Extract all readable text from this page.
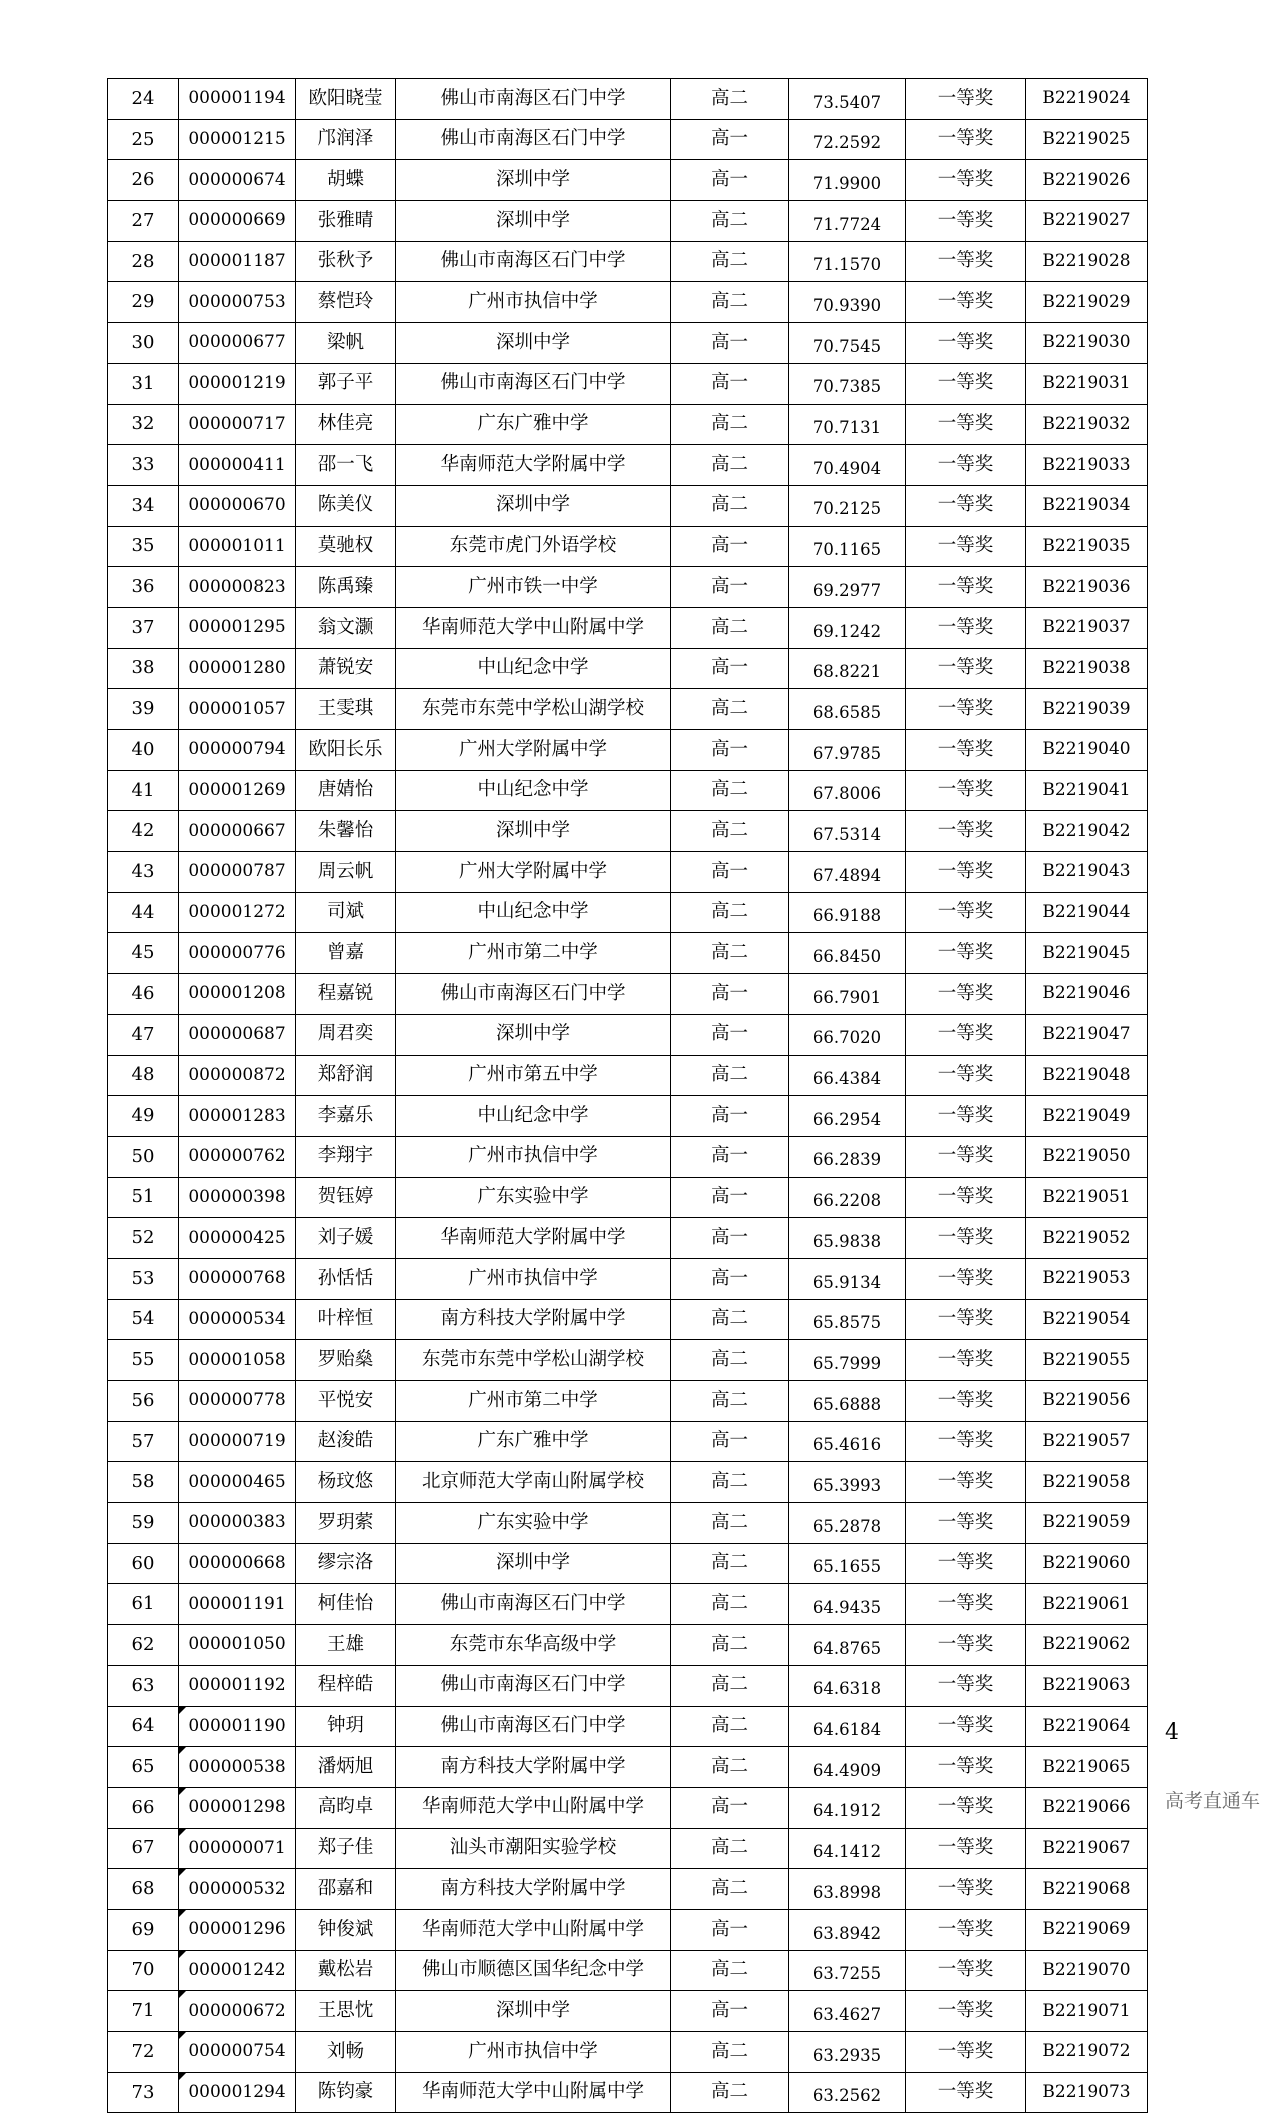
24	000001194	欧阳晓莹	佛山市南海区石门中学	高二	73.5407	一等奖	B2219024
25	000001215	邝润泽	佛山市南海区石门中学	高一	72.2592	一等奖	B2219025
26	000000674	胡蝶	深圳中学	高一	71.9900	一等奖	B2219026
27	000000669	张雅晴	深圳中学	高二	71.7724	一等奖	B2219027
28	000001187	张秋予	佛山市南海区石门中学	高二	71.1570	一等奖	B2219028
29	000000753	蔡恺玲	广州市执信中学	高二	70.9390	一等奖	B2219029
30	000000677	梁帆	深圳中学	高一	70.7545	一等奖	B2219030
31	000001219	郭子平	佛山市南海区石门中学	高一	70.7385	一等奖	B2219031
32	000000717	林佳亮	广东广雅中学	高二	70.7131	一等奖	B2219032
33	000000411	邵一飞	华南师范大学附属中学	高二	70.4904	一等奖	B2219033
34	000000670	陈美仪	深圳中学	高二	70.2125	一等奖	B2219034
35	000001011	莫驰权	东莞市虎门外语学校	高一	70.1165	一等奖	B2219035
36	000000823	陈禹臻	广州市铁一中学	高一	69.2977	一等奖	B2219036
37	000001295	翁文灏	华南师范大学中山附属中学	高二	69.1242	一等奖	B2219037
38	000001280	萧锐安	中山纪念中学	高一	68.8221	一等奖	B2219038
39	000001057	王雯琪	东莞市东莞中学松山湖学校	高二	68.6585	一等奖	B2219039
40	000000794	欧阳长乐	广州大学附属中学	高一	67.9785	一等奖	B2219040
41	000001269	唐婧怡	中山纪念中学	高二	67.8006	一等奖	B2219041
42	000000667	朱馨怡	深圳中学	高二	67.5314	一等奖	B2219042
43	000000787	周云帆	广州大学附属中学	高一	67.4894	一等奖	B2219043
44	000001272	司斌	中山纪念中学	高二	66.9188	一等奖	B2219044
45	000000776	曾嘉	广州市第二中学	高二	66.8450	一等奖	B2219045
46	000001208	程嘉锐	佛山市南海区石门中学	高一	66.7901	一等奖	B2219046
47	000000687	周君奕	深圳中学	高一	66.7020	一等奖	B2219047
48	000000872	郑舒润	广州市第五中学	高二	66.4384	一等奖	B2219048
49	000001283	李嘉乐	中山纪念中学	高一	66.2954	一等奖	B2219049
50	000000762	李翔宇	广州市执信中学	高一	66.2839	一等奖	B2219050
51	000000398	贺钰婷	广东实验中学	高一	66.2208	一等奖	B2219051
52	000000425	刘子媛	华南师范大学附属中学	高一	65.9838	一等奖	B2219052
53	000000768	孙恬恬	广州市执信中学	高一	65.9134	一等奖	B2219053
54	000000534	叶梓恒	南方科技大学附属中学	高二	65.8575	一等奖	B2219054
55	000001058	罗贻燊	东莞市东莞中学松山湖学校	高二	65.7999	一等奖	B2219055
56	000000778	平悦安	广州市第二中学	高二	65.6888	一等奖	B2219056
57	000000719	赵浚皓	广东广雅中学	高一	65.4616	一等奖	B2219057
58	000000465	杨玟悠	北京师范大学南山附属学校	高二	65.3993	一等奖	B2219058
59	000000383	罗玥萦	广东实验中学	高二	65.2878	一等奖	B2219059
60	000000668	缪宗洛	深圳中学	高二	65.1655	一等奖	B2219060
61	000001191	柯佳怡	佛山市南海区石门中学	高二	64.9435	一等奖	B2219061
62	000001050	王雄	东莞市东华高级中学	高二	64.8765	一等奖	B2219062
63	000001192	程梓皓	佛山市南海区石门中学	高二	64.6318	一等奖	B2219063
64	000001190	钟玥	佛山市南海区石门中学	高二	64.6184	一等奖	B2219064
65	000000538	潘炳旭	南方科技大学附属中学	高二	64.4909	一等奖	B2219065
66	000001298	高昀卓	华南师范大学中山附属中学	高一	64.1912	一等奖	B2219066
67	000000071	郑子佳	汕头市潮阳实验学校	高二	64.1412	一等奖	B2219067
68	000000532	邵嘉和	南方科技大学附属中学	高二	63.8998	一等奖	B2219068
69	000001296	钟俊斌	华南师范大学中山附属中学	高一	63.8942	一等奖	B2219069
70	000001242	戴松岩	佛山市顺德区国华纪念中学	高二	63.7255	一等奖	B2219070
71	000000672	王思忱	深圳中学	高一	63.4627	一等奖	B2219071
72	000000754	刘畅	广州市执信中学	高二	63.2935	一等奖	B2219072
73	000001294	陈钧豪	华南师范大学中山附属中学	高二	63.2562	一等奖	B2219073
4
高考直通车
